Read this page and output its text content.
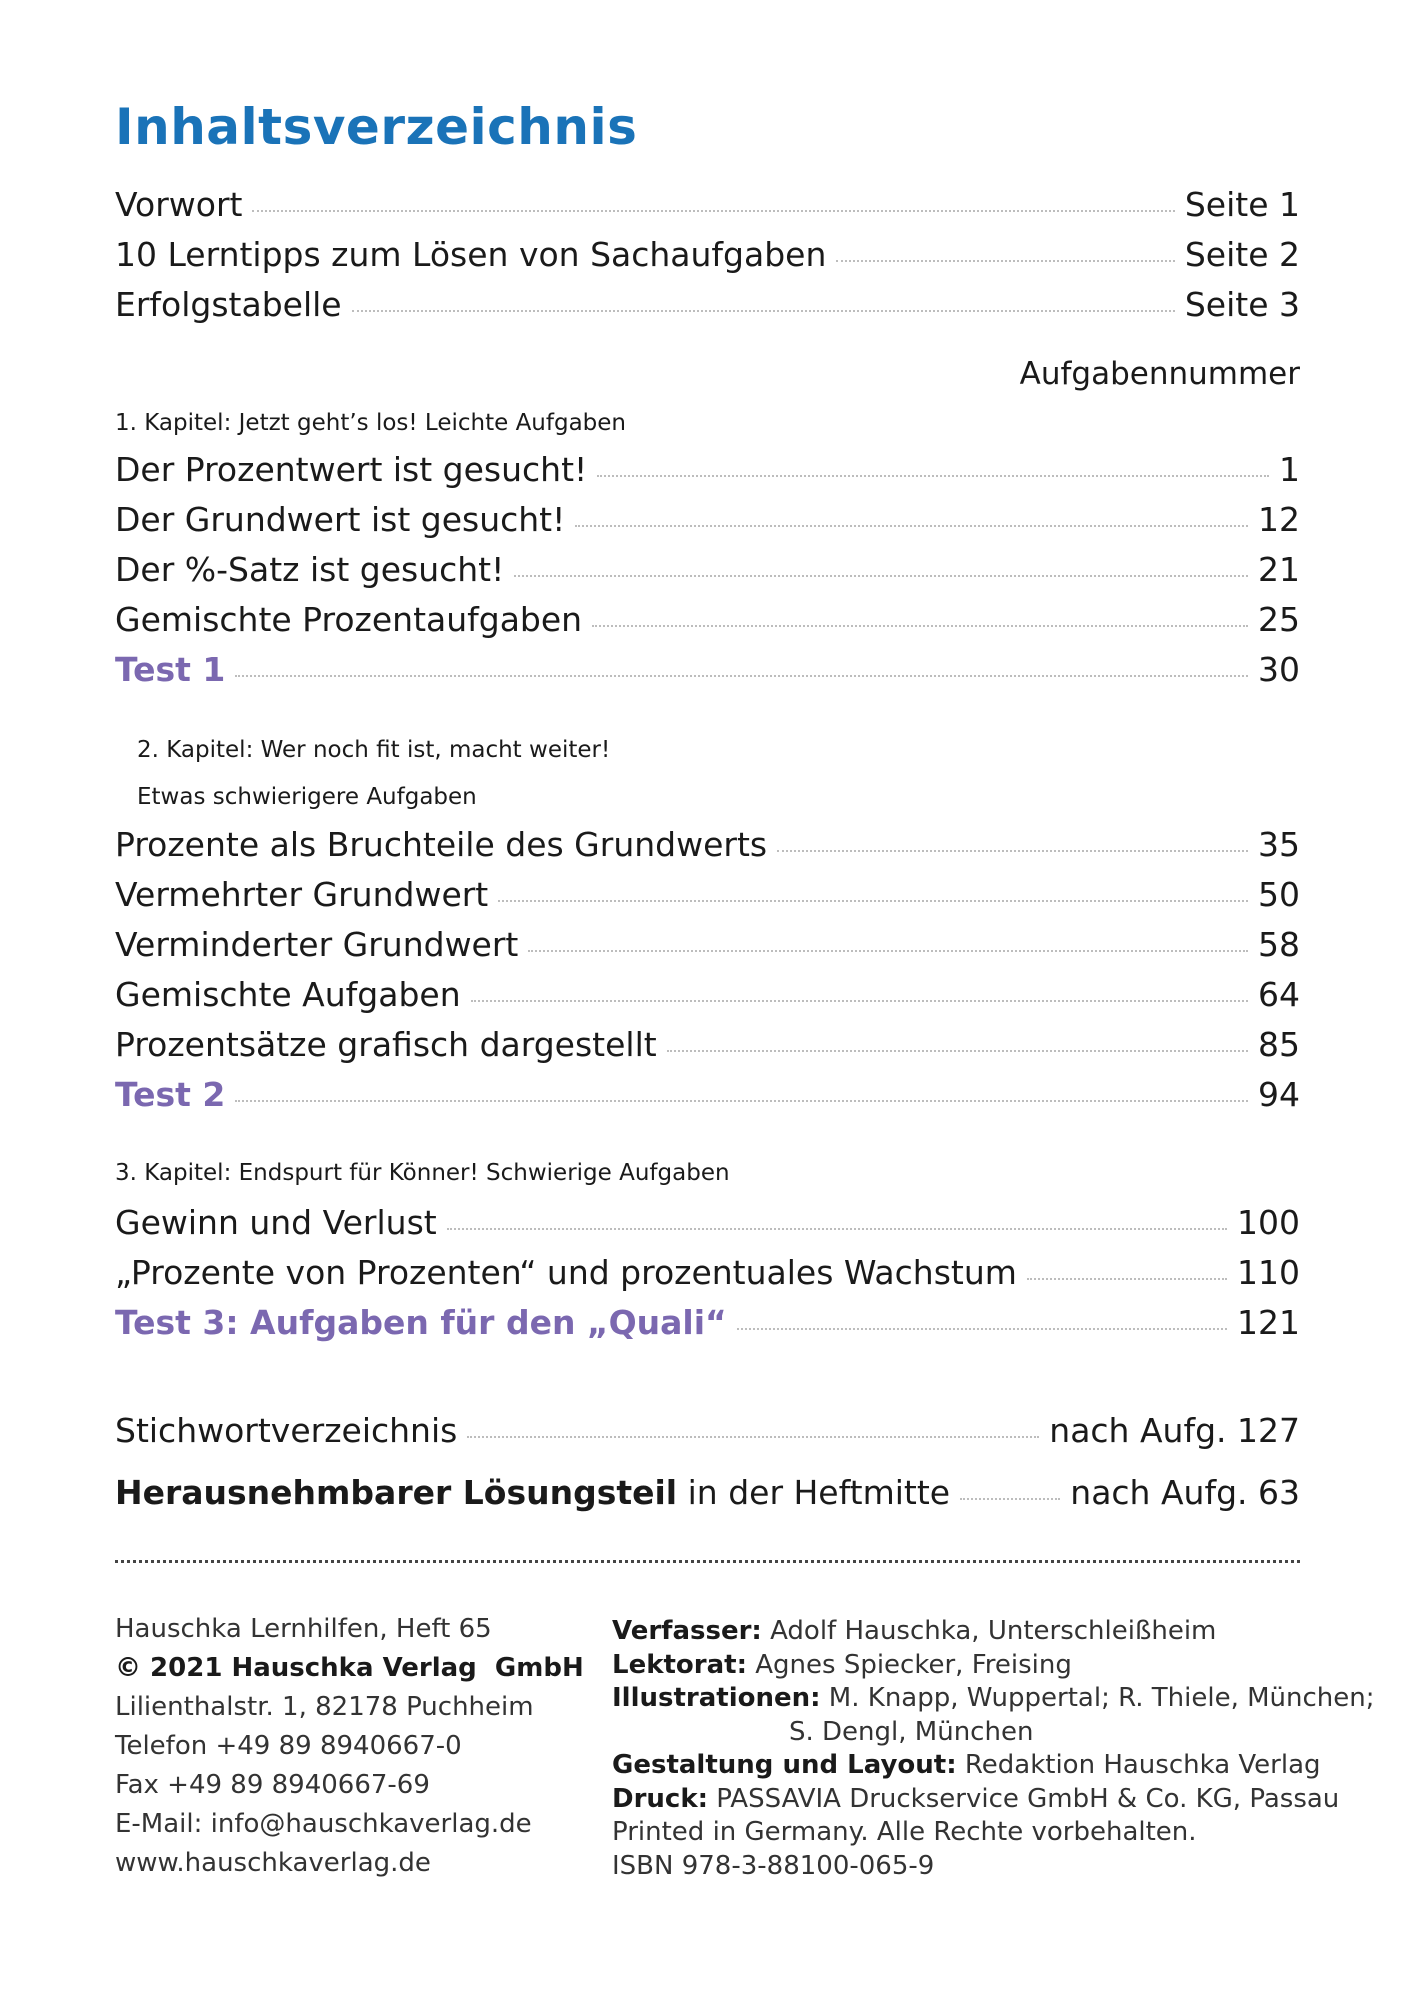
Inhaltsverzeichnis
Vorwort	Seite 1
10 Lerntipps zum Lösen von Sachaufgaben	Seite 2
Erfolgstabelle	Seite 3
Aufgabennummer
1. Kapitel: Jetzt geht’s los! Leichte Aufgaben
Der Prozentwert ist gesucht!	1
Der Grundwert ist gesucht!	12
Der %-Satz ist gesucht!	21
Gemischte Prozentaufgaben	25
Test 1	30
2. Kapitel: Wer noch fit ist, macht weiter!
Etwas schwierigere Aufgaben
Prozente als Bruchteile des Grundwerts	35
Vermehrter Grundwert	50
Verminderter Grundwert	58
Gemischte Aufgaben	64
Prozentsätze grafisch dargestellt	85
Test 2	94
3. Kapitel: Endspurt für Könner! Schwierige Aufgaben
Gewinn und Verlust	100
„Prozente von Prozenten“ und prozentuales Wachstum	110
Test 3: Aufgaben für den „Quali“	121
Stichwortverzeichnis	nach Aufg. 127
Herausnehmbarer Lösungsteil in der Heftmitte	nach Aufg. 63
Hauschka Lernhilfen, Heft 65
© 2021 Hauschka Verlag  GmbH
Lilienthalstr. 1, 82178 Puchheim
Telefon +49 89 8940667-0
Fax +49 89 8940667-69
E-Mail: info@hauschkaverlag.de
www.hauschkaverlag.de
Verfasser: Adolf Hauschka, Unterschleißheim
Lektorat: Agnes Spiecker, Freising
Illustrationen: M. Knapp, Wuppertal; R. Thiele, München;
S. Dengl, München
Gestaltung und Layout: Redaktion Hauschka Verlag
Druck: PASSAVIA Druckservice GmbH & Co. KG, Passau
Printed in Germany. Alle Rechte vorbehalten.
ISBN 978-3-88100-065-9
